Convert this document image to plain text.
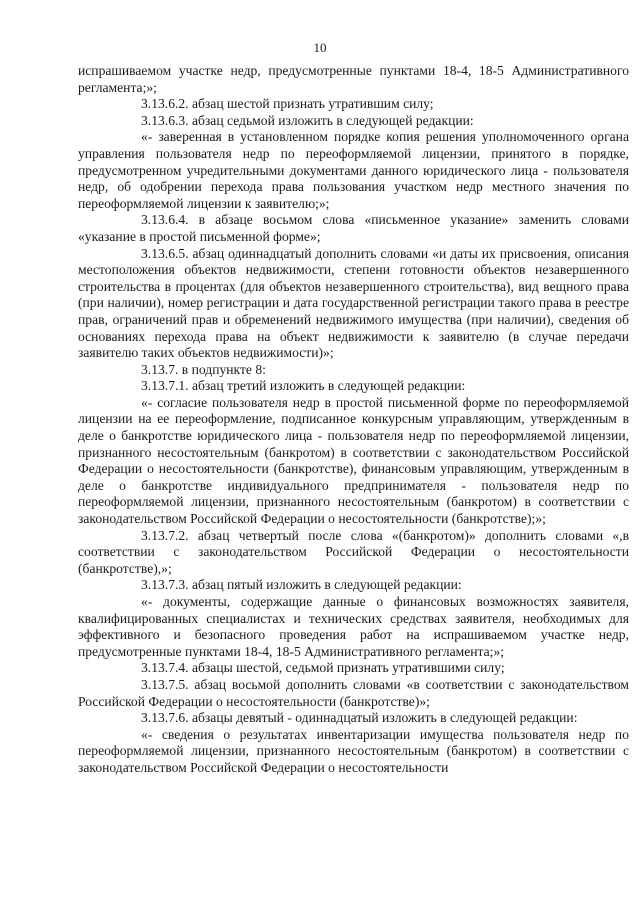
10

испрашиваемом участке недр, предусмотренные пунктами 18-4, 18-5 Административного регламента;»;

3.13.6.2. абзац шестой признать утратившим силу;

3.13.6.3. абзац седьмой изложить в следующей редакции:

«- заверенная в установленном порядке копия решения уполномоченного органа управления пользователя недр по переоформляемой лицензии, принятого в порядке, предусмотренном учредительными документами данного юридического лица - пользователя недр, об одобрении перехода права пользования участком недр местного значения по переоформляемой лицензии к заявителю;»;

3.13.6.4. в абзаце восьмом слова «письменное указание» заменить словами «указание в простой письменной форме»;

3.13.6.5. абзац одиннадцатый дополнить словами «и даты их присвоения, описания местоположения объектов недвижимости, степени готовности объектов незавершенного строительства в процентах (для объектов незавершенного строительства), вид вещного права (при наличии), номер регистрации и дата государственной регистрации такого права в реестре прав, ограничений прав и обременений недвижимого имущества (при наличии), сведения об основаниях перехода права на объект недвижимости к заявителю (в случае передачи заявителю таких объектов недвижимости)»;

3.13.7. в подпункте 8:

3.13.7.1. абзац третий изложить в следующей редакции:

«- согласие пользователя недр в простой письменной форме по переоформляемой лицензии на ее переоформление, подписанное конкурсным управляющим, утвержденным в деле о банкротстве юридического лица - пользователя недр по переоформляемой лицензии, признанного несостоятельным (банкротом) в соответствии с законодательством Российской Федерации о несостоятельности (банкротстве), финансовым управляющим, утвержденным в деле о банкротстве индивидуального предпринимателя - пользователя недр по переоформляемой лицензии, признанного несостоятельным (банкротом) в соответствии с законодательством Российской Федерации о несостоятельности (банкротстве);»;

3.13.7.2. абзац четвертый после слова «(банкротом)» дополнить словами «,в соответствии с законодательством Российской Федерации о несостоятельности (банкротстве),»;

3.13.7.3. абзац пятый изложить в следующей редакции:

«- документы, содержащие данные о финансовых возможностях заявителя, квалифицированных специалистах и технических средствах заявителя, необходимых для эффективного и безопасного проведения работ на испрашиваемом участке недр, предусмотренные пунктами 18-4, 18-5 Административного регламента;»;

3.13.7.4. абзацы шестой, седьмой признать утратившими силу;

3.13.7.5. абзац восьмой дополнить словами «в соответствии с законодательством Российской Федерации о несостоятельности (банкротстве)»;

3.13.7.6. абзацы девятый - одиннадцатый изложить в следующей редакции:

«- сведения о результатах инвентаризации имущества пользователя недр по переоформляемой лицензии, признанного несостоятельным (банкротом) в соответствии с законодательством Российской Федерации о несостоятельности
